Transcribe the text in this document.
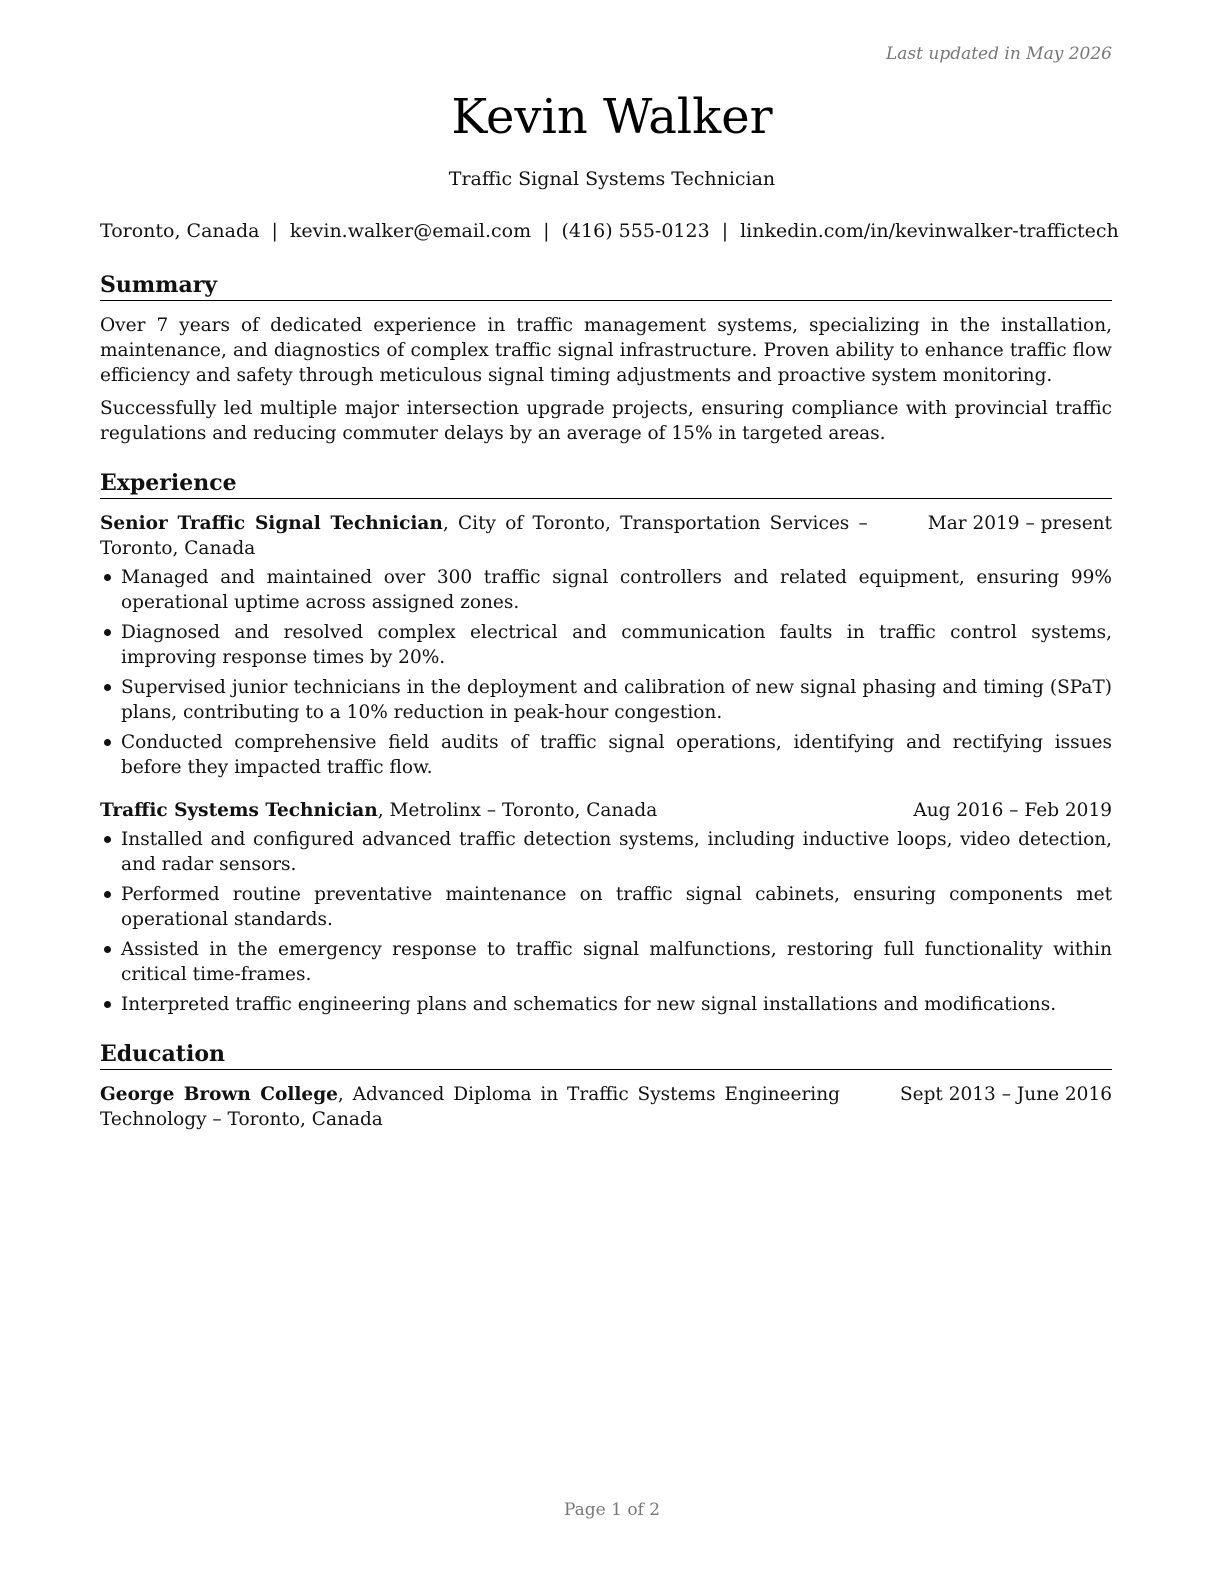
Last updated in May 2026
Kevin Walker
Traffic Signal Systems Technician
Toronto, Canada | kevin.walker@email.com | (416) 555-0123 | linkedin.com/in/kevinwalker-traffictech
Summary

Over 7 years of dedicated experience in traffic management systems, specializing in the installation, maintenance, and diagnostics of complex traffic signal infrastructure. Proven ability to enhance traffic flow efficiency and safety through meticulous signal timing adjustments and proactive system monitoring.

Successfully led multiple major intersection upgrade projects, ensuring compliance with provincial traffic regulations and reducing commuter delays by an average of 15% in targeted areas.

Experience
Senior Traffic Signal Technician, City of Toronto, Transportation Services – Toronto, Canada
Mar 2019 – present
Managed and maintained over 300 traffic signal controllers and related equipment, ensuring 99% operational uptime across assigned zones.
Diagnosed and resolved complex electrical and communication faults in traffic control systems, improving response times by 20%.
Supervised junior technicians in the deployment and calibration of new signal phasing and timing (SPaT) plans, contributing to a 10% reduction in peak-hour congestion.
Conducted comprehensive field audits of traffic signal operations, identifying and rectifying issues before they impacted traffic flow.
Traffic Systems Technician, Metrolinx – Toronto, Canada	Aug 2016 – Feb 2019
Installed and configured advanced traffic detection systems, including inductive loops, video detection, and radar sensors.
Performed routine preventative maintenance on traffic signal cabinets, ensuring components met operational standards.
Assisted in the emergency response to traffic signal malfunctions, restoring full functionality within critical time-frames.
Interpreted traffic engineering plans and schematics for new signal installations and modifications.
Education
George Brown College, Advanced Diploma in Traffic Systems Engineering Technology – Toronto, Canada
Sept 2013 – June 2016
Page 1 of 2
